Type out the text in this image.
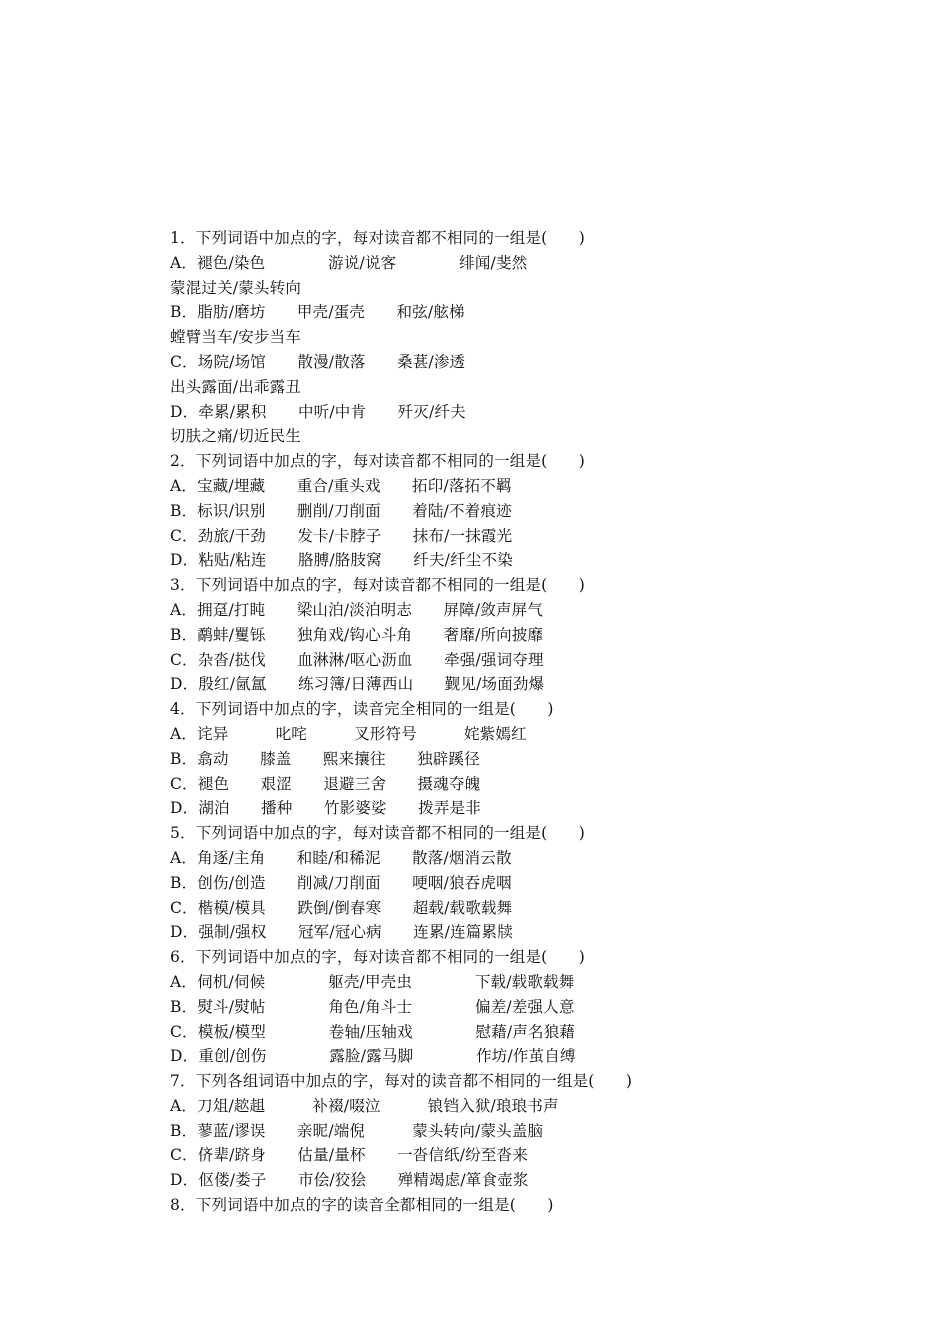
1．下列词语中加点的字，每对读音都不相同的一组是(　　)
A．褪色/染色　　　　游说/说客　　　　绯闻/斐然
蒙混过关/蒙头转向
B．脂肪/磨坊　　甲壳/蛋壳　　和弦/舷梯
螳臂当车/安步当车
C．场院/场馆　　散漫/散落　　桑葚/渗透
出头露面/出乖露丑
D．牵累/累积　　中听/中肯　　歼灭/纤夫
切肤之痛/切近民生
2．下列词语中加点的字，每对读音都不相同的一组是(　　)
A．宝藏/埋藏　　重合/重头戏　　拓印/落拓不羁
B．标识/识别　　删削/刀削面　　着陆/不着痕迹
C．劲旅/干劲　　发卡/卡脖子　　抹布/一抹霞光
D．粘贴/粘连　　胳膊/胳肢窝　　纤夫/纤尘不染
3．下列词语中加点的字，每对读音都不相同的一组是(　　)
A．拥趸/打盹　　梁山泊/淡泊明志　　屏障/敛声屏气
B．鹬蚌/矍铄　　独角戏/钩心斗角　　奢靡/所向披靡
C．杂沓/挞伐　　血淋淋/呕心沥血　　牵强/强词夺理
D．殷红/氤氲　　练习簿/日薄西山　　觐见/场面劲爆
4．下列词语中加点的字，读音完全相同的一组是(　　)
A．诧异　　　叱咤　　　叉形符号　　　姹紫嫣红
B．翕动　　膝盖　　熙来攘往　　独辟蹊径
C．褪色　　艰涩　　退避三舍　　摄魂夺魄
D．湖泊　　播种　　竹影婆娑　　拨弄是非
5．下列词语中加点的字，每对读音都不相同的一组是(　　)
A．角逐/主角　　和睦/和稀泥　　散落/烟消云散
B．创伤/创造　　削减/刀削面　　哽咽/狼吞虎咽
C．楷模/模具　　跌倒/倒春寒　　超载/载歌载舞
D．强制/强权　　冠军/冠心病　　连累/连篇累牍
6．下列词语中加点的字，每对读音都不相同的一组是(　　)
A．伺机/伺候　　　　躯壳/甲壳虫　　　　下载/载歌载舞
B．熨斗/熨帖　　　　角色/角斗士　　　　偏差/差强人意
C．模板/模型　　　　卷轴/压轴戏　　　　慰藉/声名狼藉
D．重创/创伤　　　　露脸/露马脚　　　　作坊/作茧自缚
7．下列各组词语中加点的字，每对的读音都不相同的一组是(　　)
A．刀俎/趑趄　　　补裰/啜泣　　　锒铛入狱/琅琅书声
B．蓼蓝/谬误　　亲昵/端倪　　　蒙头转向/蒙头盖脑
C．侪辈/跻身　　估量/量杯　　一沓信纸/纷至沓来
D．伛偻/娄子　　市侩/狡狯　　殚精竭虑/箪食壶浆
8．下列词语中加点的字的读音全都相同的一组是(　　)
